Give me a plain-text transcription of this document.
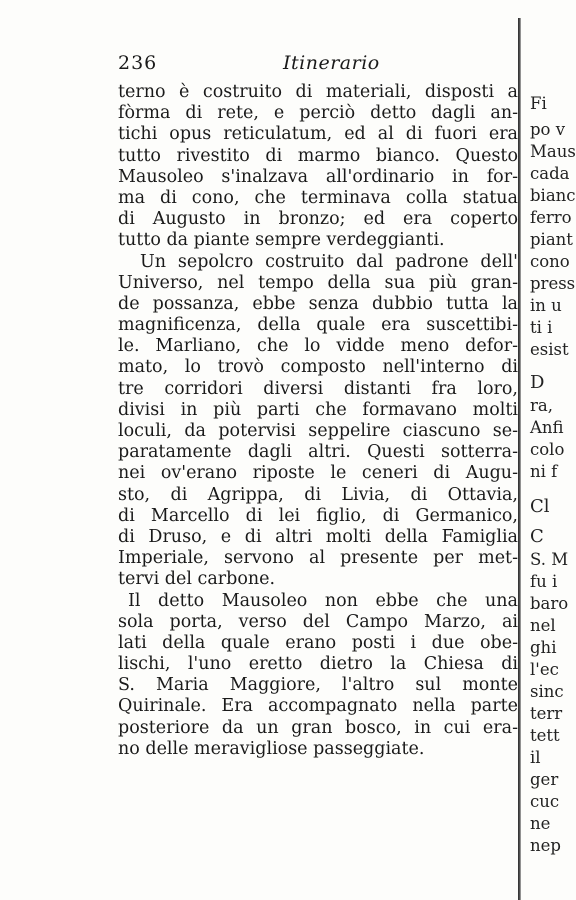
236	Itinerario
terno è costruito di materiali, disposti a
fòrma di rete, e perciò detto dagli an-
tichi opus reticulatum, ed al di fuori era
tutto rivestito di marmo bianco. Questo
Mausoleo s'inalzava all'ordinario in for-
ma di cono, che terminava colla statua
di Augusto in bronzo; ed era coperto
tutto da piante sempre verdeggianti.
Un sepolcro costruito dal padrone dell'
Universo, nel tempo della sua più gran-
de possanza, ebbe senza dubbio tutta la
magnificenza, della quale era suscettibi-
le. Marliano, che lo vidde meno defor-
mato, lo trovò composto nell'interno di
tre corridori diversi distanti fra loro,
divisi in più parti che formavano molti
loculi, da potervisi seppelire ciascuno se-
paratamente dagli altri. Questi sotterra-
nei ov'erano riposte le ceneri di Augu-
sto, di Agrippa, di Livia, di Ottavia,
di Marcello di lei figlio, di Germanico,
di Druso, e di altri molti della Famiglia
Imperiale, servono al presente per met-
tervi del carbone.
Il detto Mausoleo non ebbe che una
sola porta, verso del Campo Marzo, ai
lati della quale erano posti i due obe-
lischi, l'uno eretto dietro la Chiesa di
S. Maria Maggiore, l'altro sul monte
Quirinale. Era accompagnato nella parte
posteriore da un gran bosco, in cui era-
no delle meravigliose passeggiate.
Fi
po v
Maus
cada
bianc
ferro
piant
cono
press
in u
ti i
esist
D
ra,
Anfi
colo
ni f
Cl
C
S. M
fu i
baro
nel
ghi
l'ec
sinc
terr
tett
il
ger
cuc
ne
nep
